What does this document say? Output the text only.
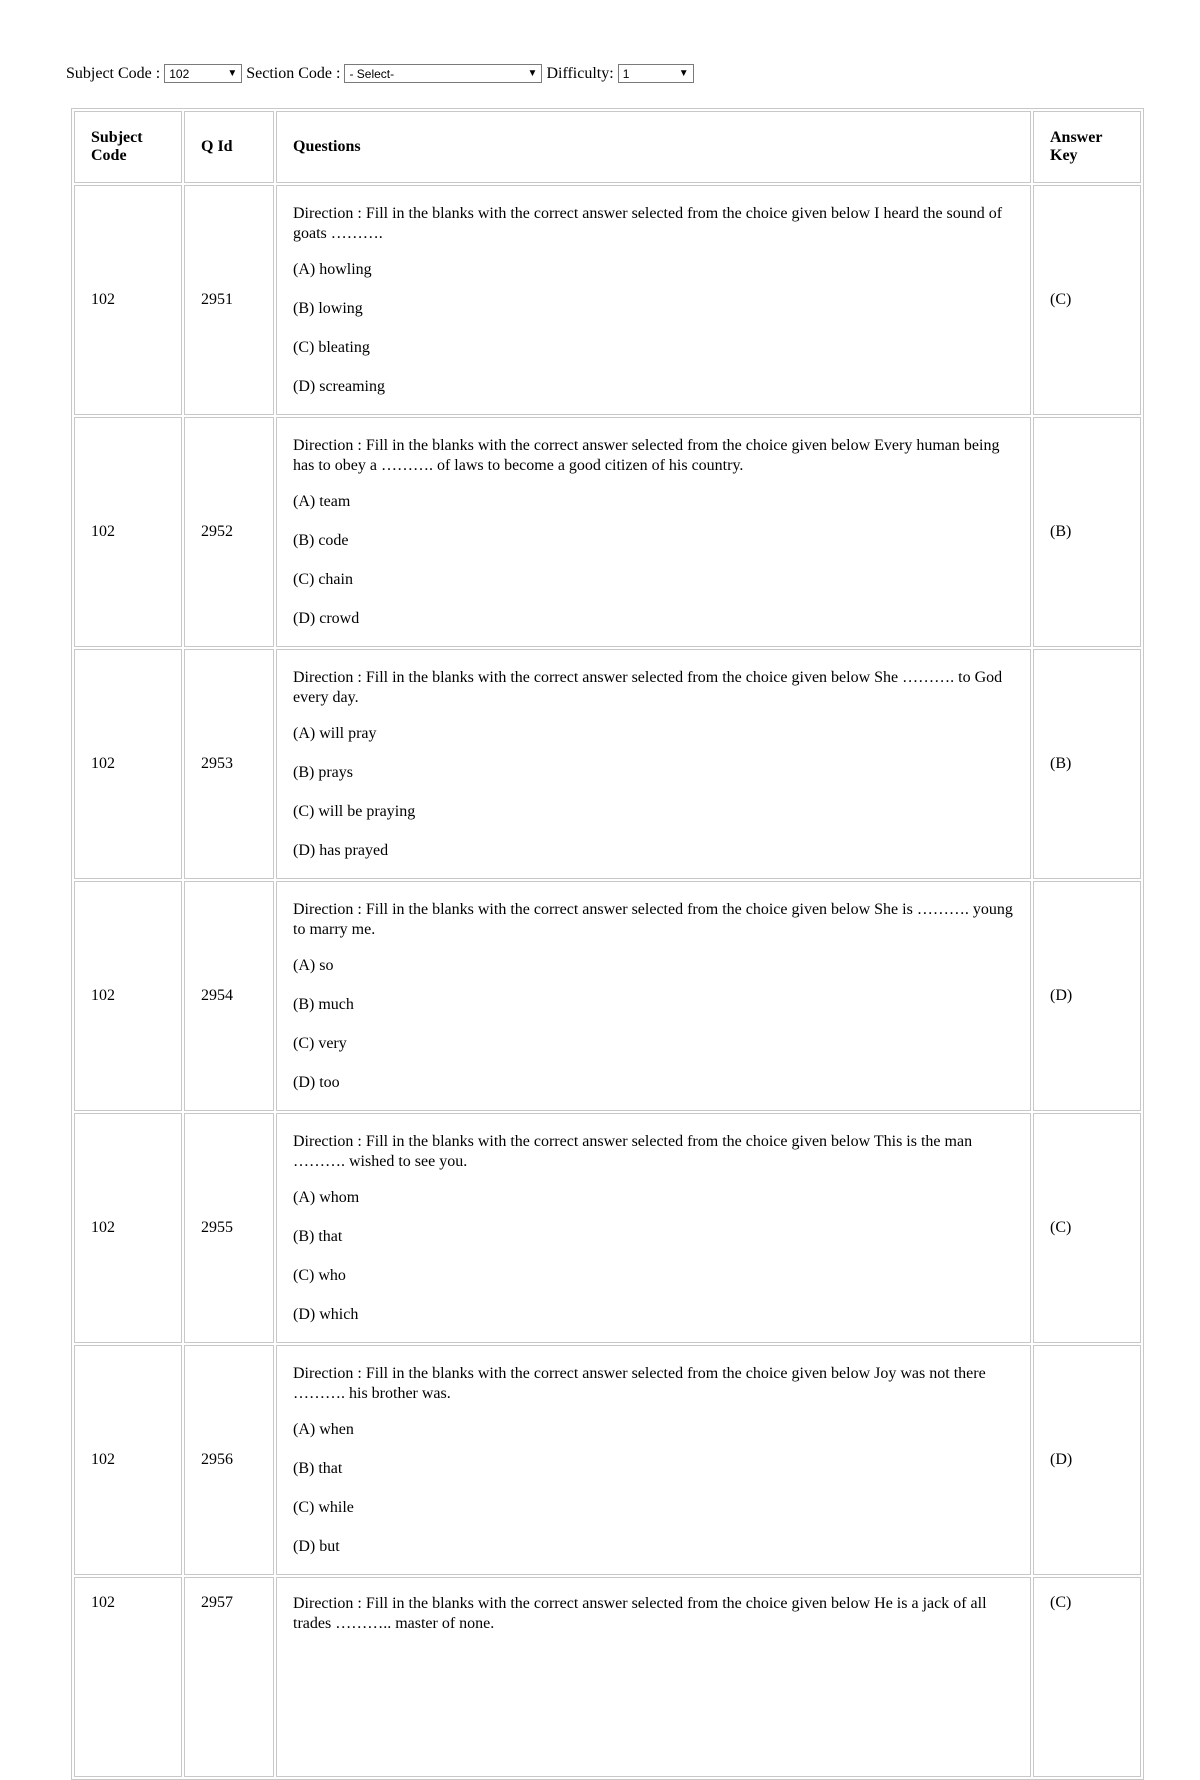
Subject Code : 102	▼ Section Code : - Select-	▼ Difficulty: 1	▼
Subject Code	Q Id	Questions	Answer Key
102	2951	Direction : Fill in the blanks with the correct answer selected from the choice given below I heard the sound of goats ……….
(A) howling
(B) lowing
(C) bleating
(D) screaming	(C)
102	2952	Direction : Fill in the blanks with the correct answer selected from the choice given below Every human being has to obey a ………. of laws to become a good citizen of his country.
(A) team
(B) code
(C) chain
(D) crowd	(B)
102	2953	Direction : Fill in the blanks with the correct answer selected from the choice given below She ………. to God every day.
(A) will pray
(B) prays
(C) will be praying
(D) has prayed	(B)
102	2954	Direction : Fill in the blanks with the correct answer selected from the choice given below She is ………. young to marry me.
(A) so
(B) much
(C) very
(D) too	(D)
102	2955	Direction : Fill in the blanks with the correct answer selected from the choice given below This is the man ………. wished to see you.
(A) whom
(B) that
(C) who
(D) which	(C)
102	2956	Direction : Fill in the blanks with the correct answer selected from the choice given below Joy was not there ………. his brother was.
(A) when
(B) that
(C) while
(D) but	(D)
102	2957	Direction : Fill in the blanks with the correct answer selected from the choice given below He is a jack of all trades ……….. master of none.	(C)
